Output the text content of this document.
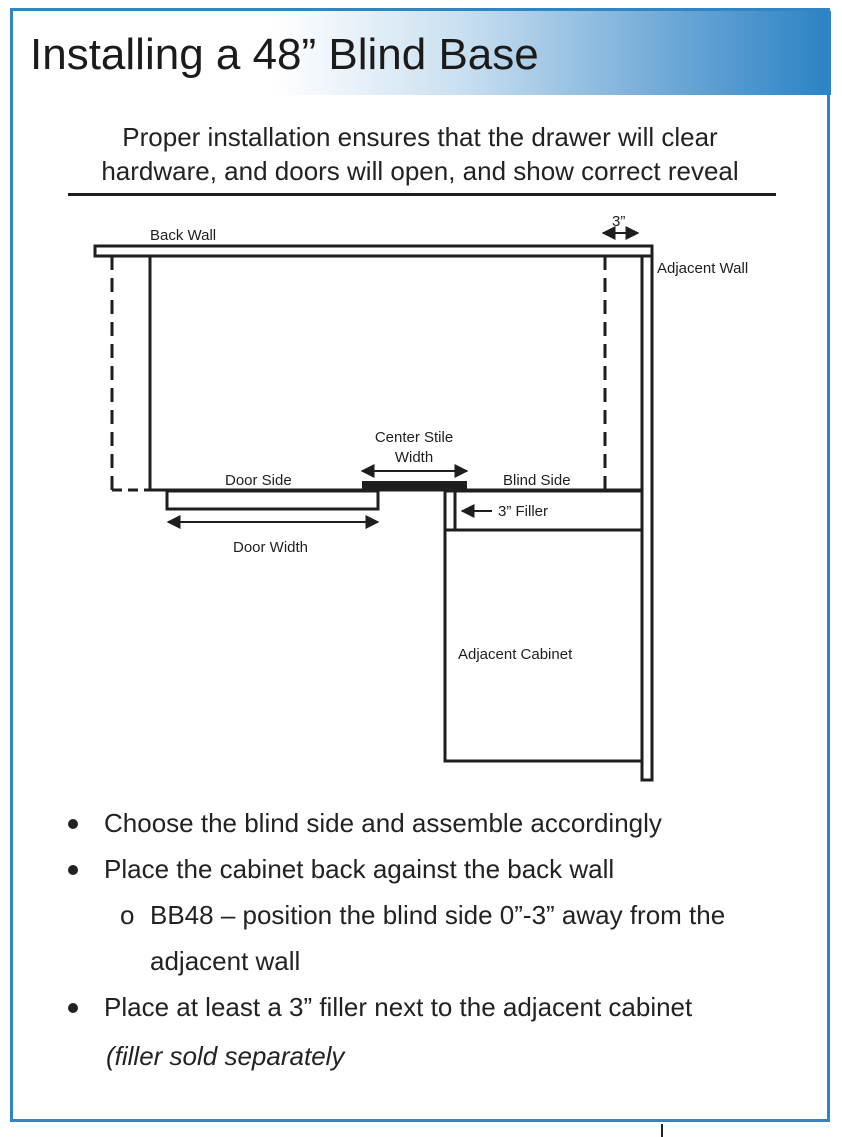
Installing a 48” Blind Base
Proper installation ensures that the drawer will clear
hardware, and doors will open, and show correct reveal
Back Wall
3”
Adjacent Wall
Center Stile
Width
Door Side	Blind Side
3” Filler
Door Width
Adjacent Cabinet
Choose the blind side and assemble accordingly
Place the cabinet back against the back wall
o BB48 – position the blind side 0”-3” away from the
adjacent wall
Place at least a 3” filler next to the adjacent cabinet
(filler sold separately
